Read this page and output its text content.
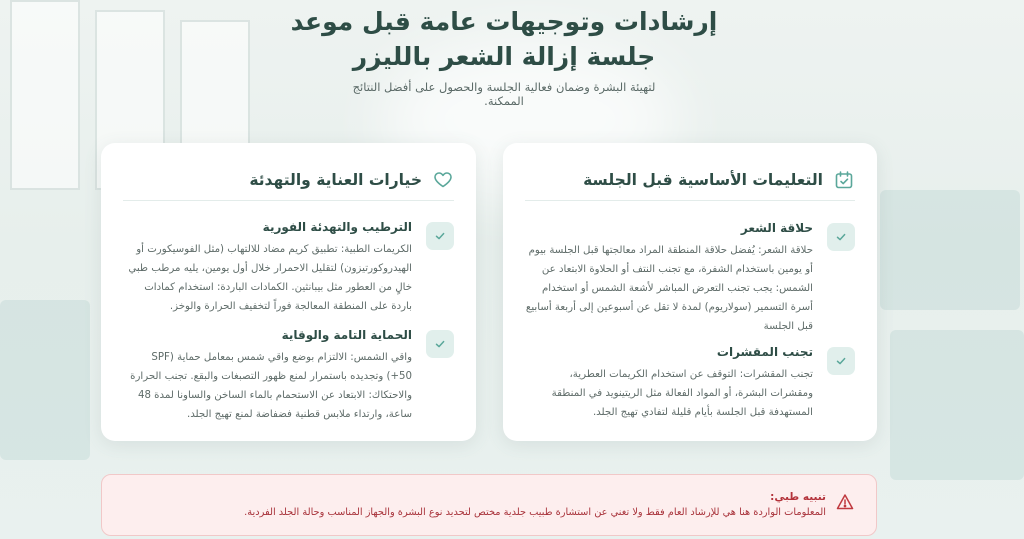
إرشادات وتوجيهات عامة قبل موعد جلسة إزالة الشعر بالليزر

لتهيئة البشرة وضمان فعالية الجلسة والحصول على أفضل النتائج الممكنة.

التعليمات الأساسية قبل الجلسة
حلاقة الشعر

حلاقة الشعر: يُفضل حلاقة المنطقة المراد معالجتها قبل الجلسة بيوم أو يومين باستخدام الشفرة، مع تجنب النتف أو الحلاوة الابتعاد عن الشمس: يجب تجنب التعرض المباشر لأشعة الشمس أو استخدام أسرة التسمير (سولاريوم) لمدة لا تقل عن أسبوعين إلى أربعة أسابيع قبل الجلسة

تجنب المقشرات

تجنب المقشرات: التوقف عن استخدام الكريمات العطرية، ومقشرات البشرة، أو المواد الفعالة مثل الريتينويد في المنطقة المستهدفة قبل الجلسة بأيام قليلة لتفادي تهيج الجلد.

خيارات العناية والتهدئة
الترطيب والتهدئة الفورية

الكريمات الطبية: تطبيق كريم مضاد للالتهاب (مثل الفوسيكورت أو الهيدروكورتيزون) لتقليل الاحمرار خلال أول يومين، يليه مرطب طبي خالٍ من العطور مثل بيبانثين. الكمادات الباردة: استخدام كمادات باردة على المنطقة المعالجة فوراً لتخفيف الحرارة والوخز.

الحماية التامة والوقاية

واقي الشمس: الالتزام بوضع واقي شمس بمعامل حماية (SPF 50+) وتجديده باستمرار لمنع ظهور التصبغات والبقع. تجنب الحرارة والاحتكاك: الابتعاد عن الاستحمام بالماء الساخن والساونا لمدة 48 ساعة، وارتداء ملابس قطنية فضفاضة لمنع تهيج الجلد.

تنبيه طبي:
المعلومات الواردة هنا هي للإرشاد العام فقط ولا تغني عن استشارة طبيب جلدية مختص لتحديد نوع البشرة والجهاز المناسب وحالة الجلد الفردية.
